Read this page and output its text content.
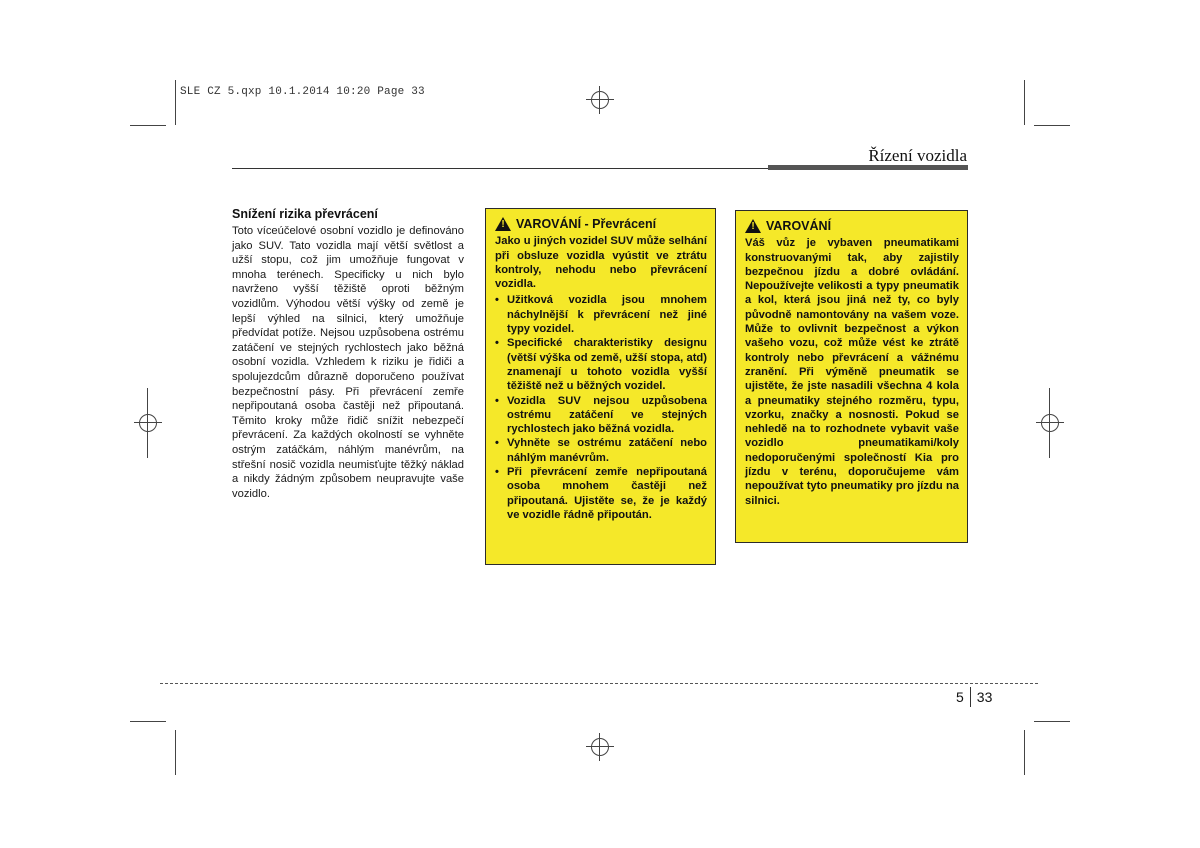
SLE CZ 5.qxp 10.1.2014 10:20 Page 33
Řízení vozidla
Snížení rizika převrácení

Toto víceúčelové osobní vozidlo je definováno jako SUV. Tato vozidla mají větší světlost a užší stopu, což jim umožňuje fungovat v mnoha terénech. Specificky u nich bylo navrženo vyšší těžiště oproti běžným vozidlům. Výhodou větší výšky od země je lepší výhled na silnici, který umožňuje předvídat potíže. Nejsou uzpůsobena ostrému zatáčení ve stejných rychlostech jako běžná osobní vozidla. Vzhledem k riziku je řidiči a spolujezdcům důrazně doporučeno používat bezpečnostní pásy. Při převrácení zemře nepřipoutaná osoba častěji než připoutaná. Těmito kroky může řidič snížit nebezpečí převrácení. Za každých okolností se vyhněte ostrým zatáčkám, náhlým manévrům, na střešní nosič vozidla neumisťujte těžký náklad a nikdy žádným způsobem neupravujte vaše vozidlo.

! VAROVÁNÍ - Převrácení

Jako u jiných vozidel SUV může selhání při obsluze vozidla vyústit ve ztrátu kontroly, nehodu nebo převrácení vozidla.

• Užitková vozidla jsou mnohem náchylnější k převrácení než jiné typy vozidel.
• Specifické charakteristiky designu (větší výška od země, užší stopa, atd) znamenají u tohoto vozidla vyšší těžiště než u běžných vozidel.
• Vozidla SUV nejsou uzpůsobena ostrému zatáčení ve stejných rychlostech jako běžná vozidla.
• Vyhněte se ostrému zatáčení nebo náhlým manévrům.
• Při převrácení zemře nepřipoutaná osoba mnohem častěji než připoutaná. Ujistěte se, že je každý ve vozidle řádně připoután.
! VAROVÁNÍ

Váš vůz je vybaven pneumatikami konstruovanými tak, aby zajistily bezpečnou jízdu a dobré ovládání. Nepoužívejte velikosti a typy pneumatik a kol, která jsou jiná než ty, co byly původně namontovány na vašem voze. Může to ovlivnit bezpečnost a výkon vašeho vozu, což může vést ke ztrátě kontroly nebo převrácení a vážnému zranění. Při výměně pneumatik se ujistěte, že jste nasadili všechna 4 kola a pneumatiky stejného rozměru, typu, vzorku, značky a nosnosti. Pokud se nehledě na to rozhodnete vybavit vaše vozidlo pneumatikami/koly nedoporučenými společností Kia pro jízdu v terénu, doporučujeme vám nepoužívat tyto pneumatiky pro jízdu na silnici.

5 33
